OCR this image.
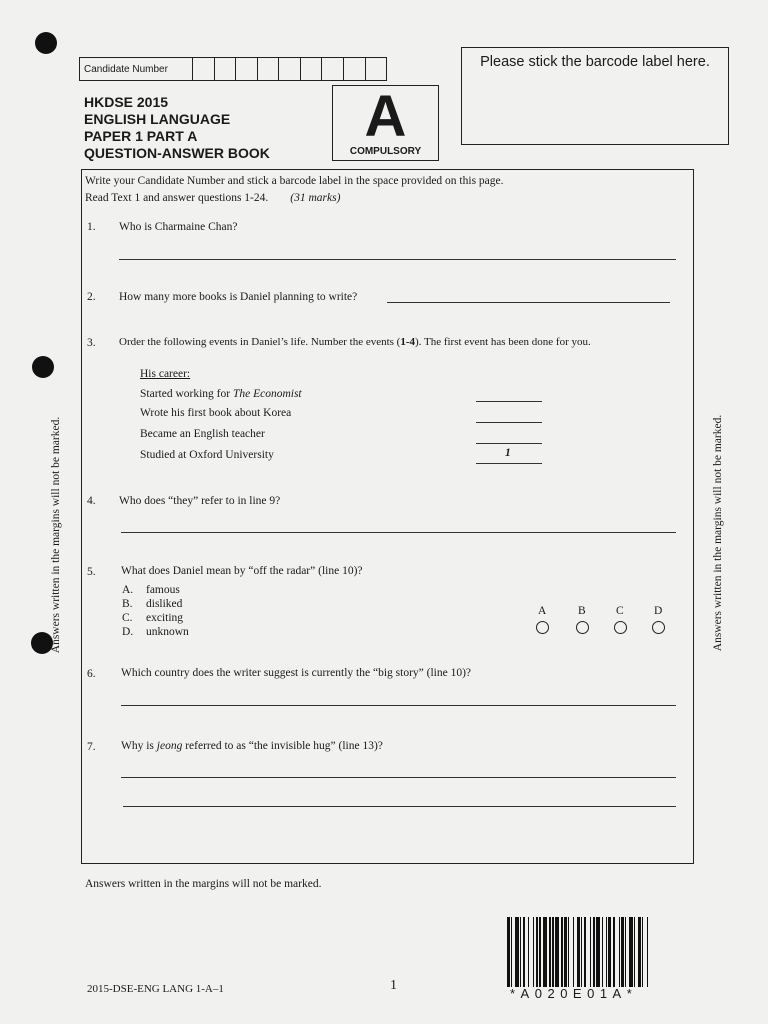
Candidate Number
HKDSE 2015
ENGLISH LANGUAGE
PAPER 1 PART A
QUESTION-ANSWER BOOK
A
COMPULSORY
Please stick the barcode label here.
Write your Candidate Number and stick a barcode label in the space provided on this page.
Read Text 1 and answer questions 1-24. (31 marks)
1. Who is Charmaine Chan?
2. How many more books is Daniel planning to write?
3. Order the following events in Daniel’s life. Number the events (1-4). The first event has been done for you.
His career:
Started working for The Economist
Wrote his first book about Korea
Became an English teacher
Studied at Oxford University	1
4. Who does “they” refer to in line 9?
5. What does Daniel mean by “off the radar” (line 10)?
A. famous
B. disliked
C. exciting
D. unknown
A	B	C	D
6. Which country does the writer suggest is currently the “big story” (line 10)?
7. Why is jeong referred to as “the invisible hug” (line 13)?
Answers written in the margins will not be marked.	Answers written in the margins will not be marked.
Answers written in the margins will not be marked.
2015-DSE-ENG LANG 1-A–1	1
*A020E01A*
